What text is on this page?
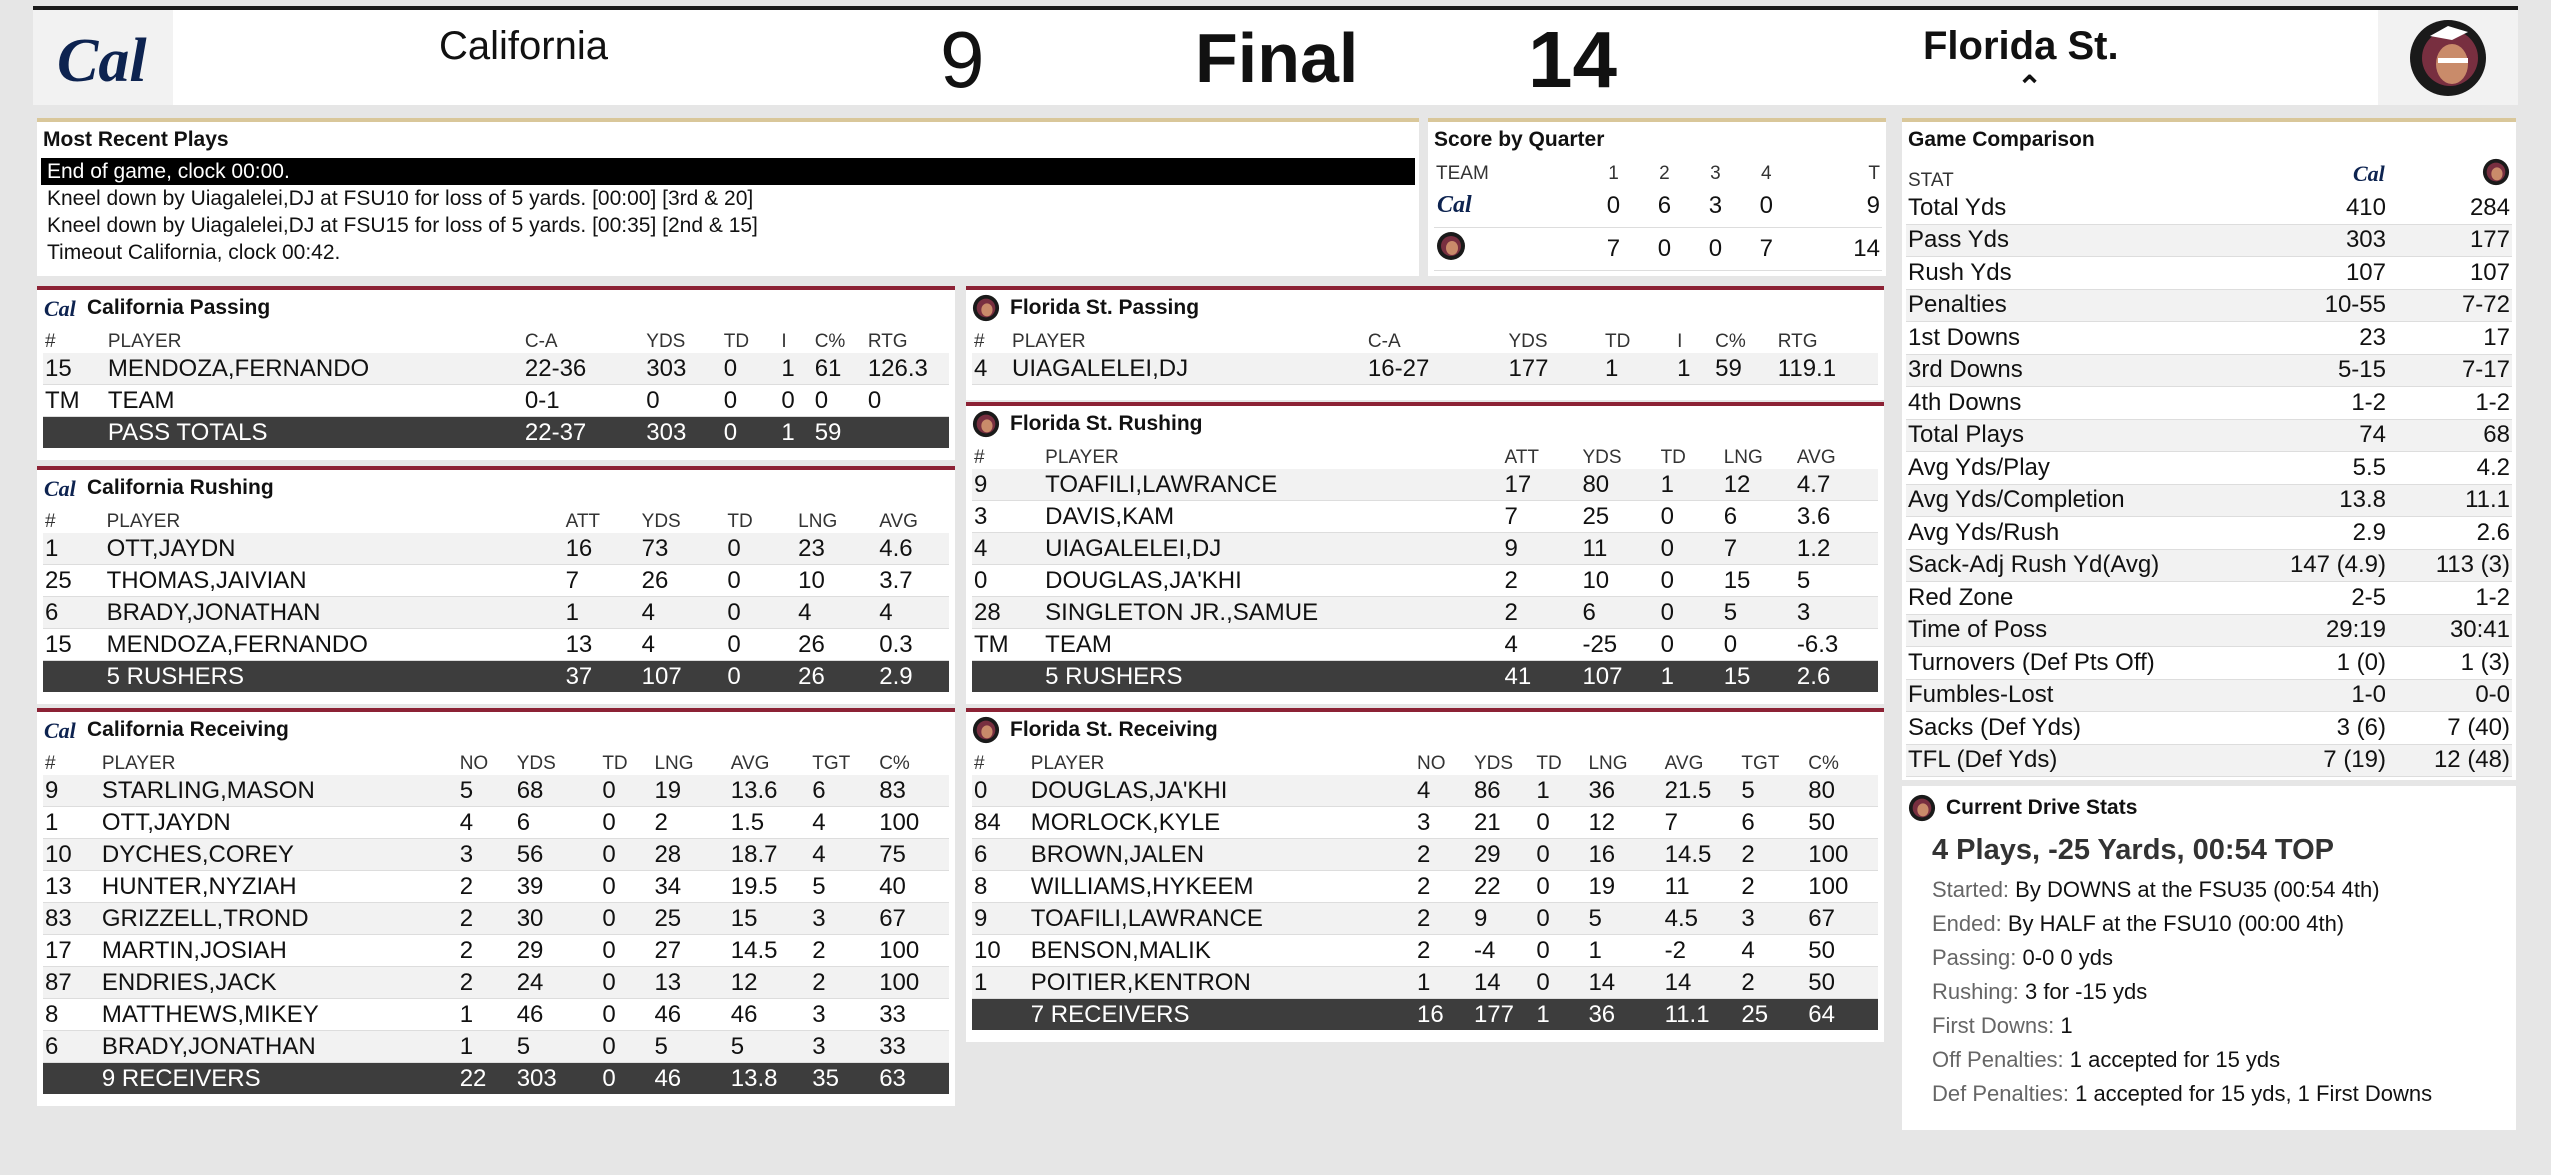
Cal	California	9	Final 14	Florida St.
⌃
Most Recent Plays
End of game, clock 00:00.
Kneel down by Uiagalelei,DJ at FSU10 for loss of 5 yards. [00:00] [3rd & 20]
Kneel down by Uiagalelei,DJ at FSU15 for loss of 5 yards. [00:35] [2nd & 15]
Timeout California, clock 00:42.
Score by Quarter
TEAM	1	2	3	4	T

Cal	0	6	3	0	9
	7	0	0	7	14
Game Comparison
STAT	Cal

Total Yds	410	284
Pass Yds	303	177
Rush Yds	107	107
Penalties	10-55	7-72
1st Downs	23	17
3rd Downs	5-15	7-17
4th Downs	1-2	1-2
Total Plays	74	68
Avg Yds/Play	5.5	4.2
Avg Yds/Completion	13.8	11.1
Avg Yds/Rush	2.9	2.6
Sack-Adj Rush Yd(Avg)	147 (4.9)	113 (3)
Red Zone	2-5	1-2
Time of Poss	29:19	30:41
Turnovers (Def Pts Off)	1 (0)	1 (3)
Fumbles-Lost	1-0	0-0
Sacks (Def Yds)	3 (6)	7 (40)
TFL (Def Yds)	7 (19)	12 (48)
Current Drive Stats
4 Plays, -25 Yards, 00:54 TOP
Started: By DOWNS at the FSU35 (00:54 4th)
Ended: By HALF at the FSU10 (00:00 4th)
Passing: 0-0 0 yds
Rushing: 3 for -15 yds
First Downs: 1
Off Penalties: 1 accepted for 15 yds
Def Penalties: 1 accepted for 15 yds, 1 First Downs
Cal California Passing
#	PLAYER	C-A	YDS	TD	I	C%	RTG
15	MENDOZA,FERNANDO	22-36	303	0	1	61	126.3
TM	TEAM	0-1	0	0	0	0	0
	PASS TOTALS	22-37	303	0	1	59	
Cal California Rushing
#	PLAYER	ATT	YDS	TD	LNG	AVG
1	OTT,JAYDN	16	73	0	23	4.6
25	THOMAS,JAIVIAN	7	26	0	10	3.7
6	BRADY,JONATHAN	1	4	0	4	4
15	MENDOZA,FERNANDO	13	4	0	26	0.3
	5 RUSHERS	37	107	0	26	2.9
Cal California Receiving
#	PLAYER	NO	YDS	TD	LNG	AVG	TGT	C%
9	STARLING,MASON	5	68	0	19	13.6	6	83
1	OTT,JAYDN	4	6	0	2	1.5	4	100
10	DYCHES,COREY	3	56	0	28	18.7	4	75
13	HUNTER,NYZIAH	2	39	0	34	19.5	5	40
83	GRIZZELL,TROND	2	30	0	25	15	3	67
17	MARTIN,JOSIAH	2	29	0	27	14.5	2	100
87	ENDRIES,JACK	2	24	0	13	12	2	100
8	MATTHEWS,MIKEY	1	46	0	46	46	3	33
6	BRADY,JONATHAN	1	5	0	5	5	3	33
	9 RECEIVERS	22	303	0	46	13.8	35	63
Florida St. Passing
#	PLAYER	C-A	YDS	TD	I	C%	RTG
4	UIAGALELEI,DJ	16-27	177	1	1	59	119.1
Florida St. Rushing
#	PLAYER	ATT	YDS	TD	LNG	AVG
9	TOAFILI,LAWRANCE	17	80	1	12	4.7
3	DAVIS,KAM	7	25	0	6	3.6
4	UIAGALELEI,DJ	9	11	0	7	1.2
0	DOUGLAS,JA'KHI	2	10	0	15	5
28	SINGLETON JR.,SAMUE	2	6	0	5	3
TM	TEAM	4	-25	0	0	-6.3
	5 RUSHERS	41	107	1	15	2.6
Florida St. Receiving
#	PLAYER	NO	YDS	TD	LNG	AVG	TGT	C%
0	DOUGLAS,JA'KHI	4	86	1	36	21.5	5	80
84	MORLOCK,KYLE	3	21	0	12	7	6	50
6	BROWN,JALEN	2	29	0	16	14.5	2	100
8	WILLIAMS,HYKEEM	2	22	0	19	11	2	100
9	TOAFILI,LAWRANCE	2	9	0	5	4.5	3	67
10	BENSON,MALIK	2	-4	0	1	-2	4	50
1	POITIER,KENTRON	1	14	0	14	14	2	50
	7 RECEIVERS	16	177	1	36	11.1	25	64
